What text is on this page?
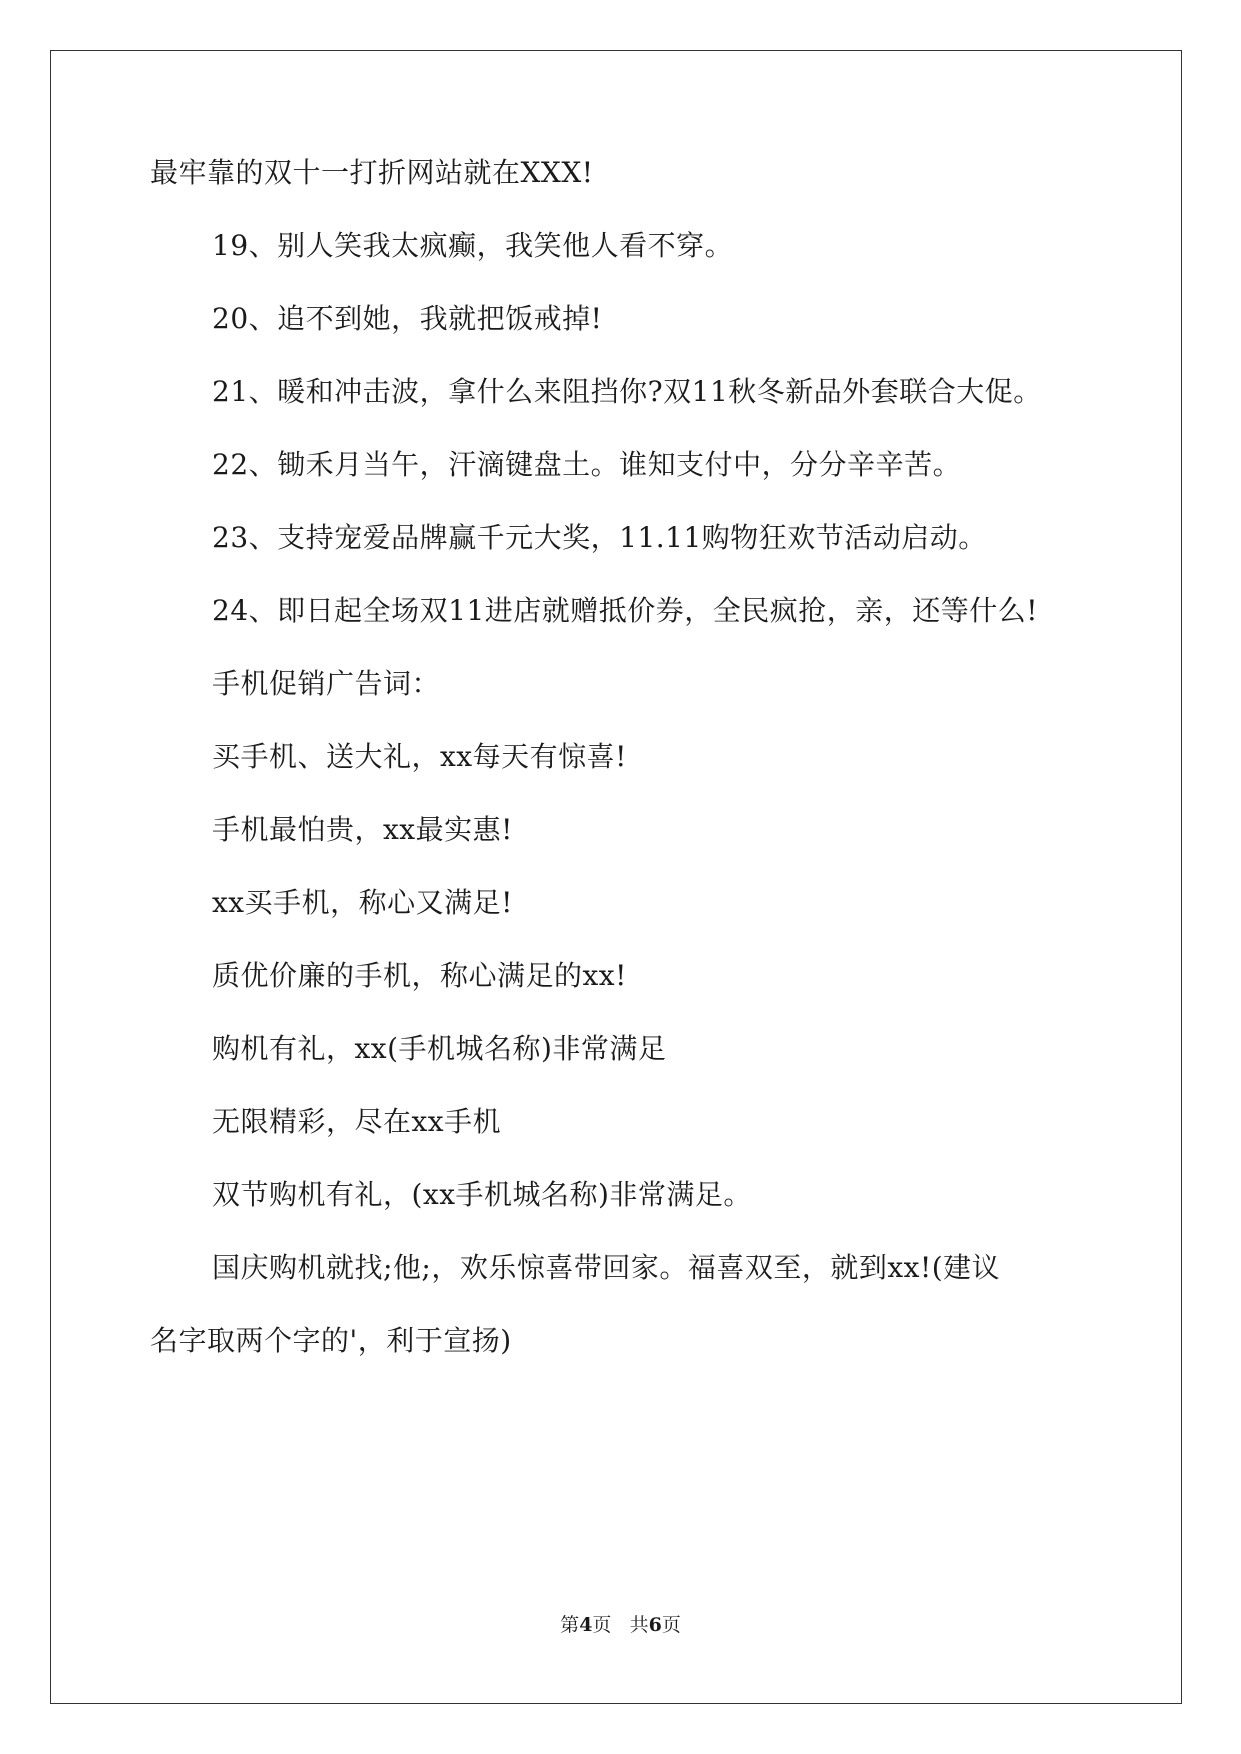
最牢靠的双十一打折网站就在XXX!
19、别人笑我太疯癫，我笑他人看不穿。
20、追不到她，我就把饭戒掉!
21、暖和冲击波，拿什么来阻挡你?双11秋冬新品外套联合大促。
22、锄禾月当午，汗滴键盘土。谁知支付中，分分辛辛苦。
23、支持宠爱品牌赢千元大奖，11.11购物狂欢节活动启动。
24、即日起全场双11进店就赠抵价券，全民疯抢，亲，还等什么!
手机促销广告词：
买手机、送大礼，xx每天有惊喜!
手机最怕贵，xx最实惠!
xx买手机，称心又满足!
质优价廉的手机，称心满足的xx!
购机有礼，xx(手机城名称)非常满足
无限精彩，尽在xx手机
双节购机有礼，(xx手机城名称)非常满足。
国庆购机就找;他;，欢乐惊喜带回家。福喜双至，就到xx!(建议
名字取两个字的'，利于宣扬)
第4页 共6页
